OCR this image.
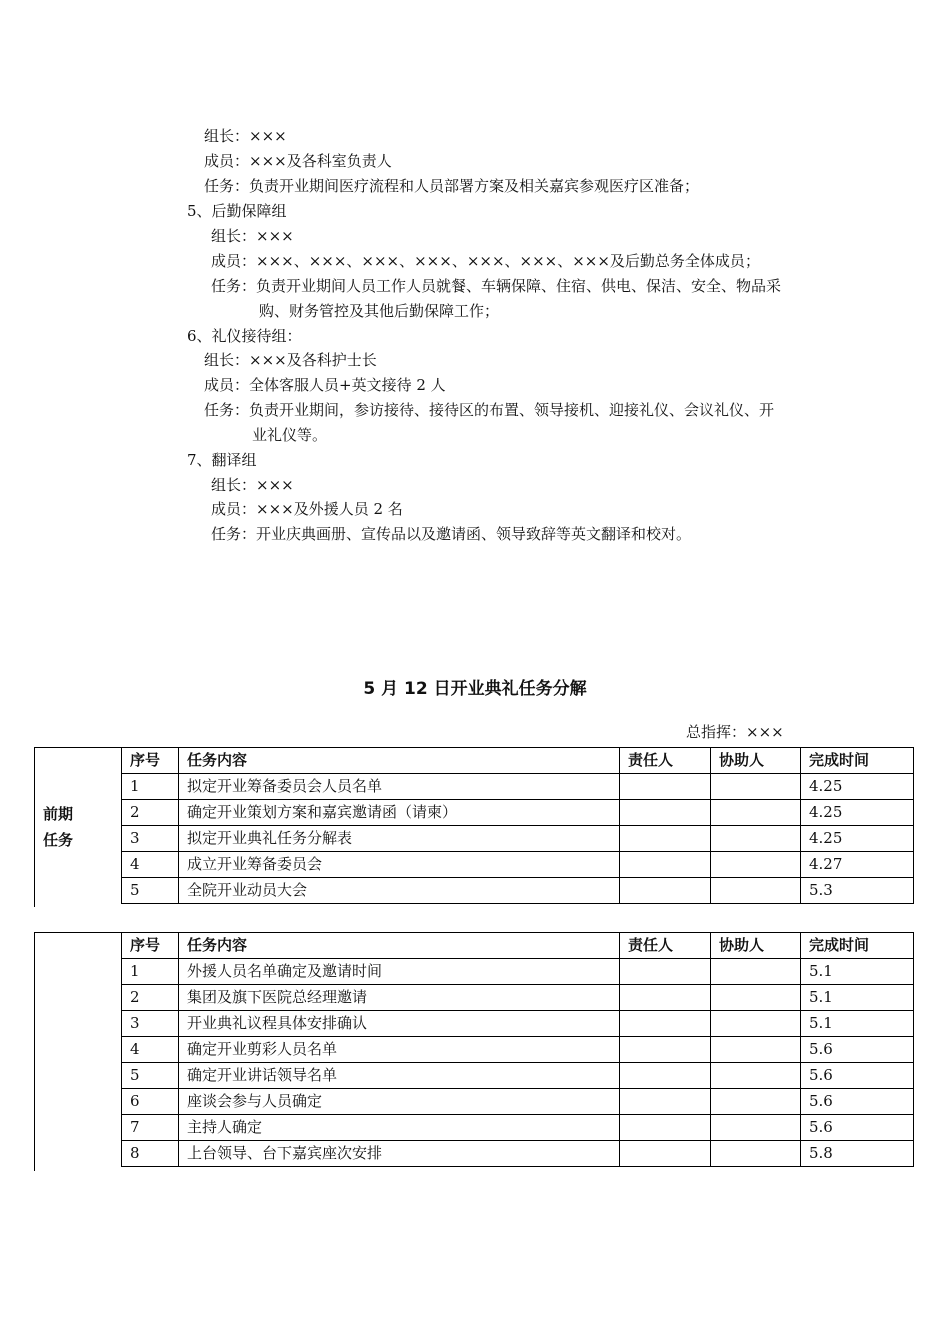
组长：×××
成员：×××及各科室负责人
任务：负责开业期间医疗流程和人员部署方案及相关嘉宾参观医疗区准备；
5、后勤保障组
组长：×××
成员：×××、×××、×××、×××、×××、×××、×××及后勤总务全体成员；
任务：负责开业期间人员工作人员就餐、车辆保障、住宿、供电、保洁、安全、物品采
购、财务管控及其他后勤保障工作；
6、礼仪接待组：
组长：×××及各科护士长
成员：全体客服人员+英文接待 2 人
任务：负责开业期间，参访接待、接待区的布置、领导接机、迎接礼仪、会议礼仪、开
业礼仪等。
7、翻译组
组长：×××
成员：×××及外援人员 2 名
任务：开业庆典画册、宣传品以及邀请函、领导致辞等英文翻译和校对。
5 月 12 日开业典礼任务分解
总指挥：×××
前期
任务
序号	任务内容	责任人	协助人	完成时间
1	拟定开业筹备委员会人员名单			4.25
2	确定开业策划方案和嘉宾邀请函（请柬）			4.25
3	拟定开业典礼任务分解表			4.25
4	成立开业筹备委员会			4.27
5	全院开业动员大会			5.3
序号	任务内容	责任人	协助人	完成时间
1	外援人员名单确定及邀请时间			5.1
2	集团及旗下医院总经理邀请			5.1
3	开业典礼议程具体安排确认			5.1
4	确定开业剪彩人员名单			5.6
5	确定开业讲话领导名单			5.6
6	座谈会参与人员确定			5.6
7	主持人确定			5.6
8	上台领导、台下嘉宾座次安排			5.8
